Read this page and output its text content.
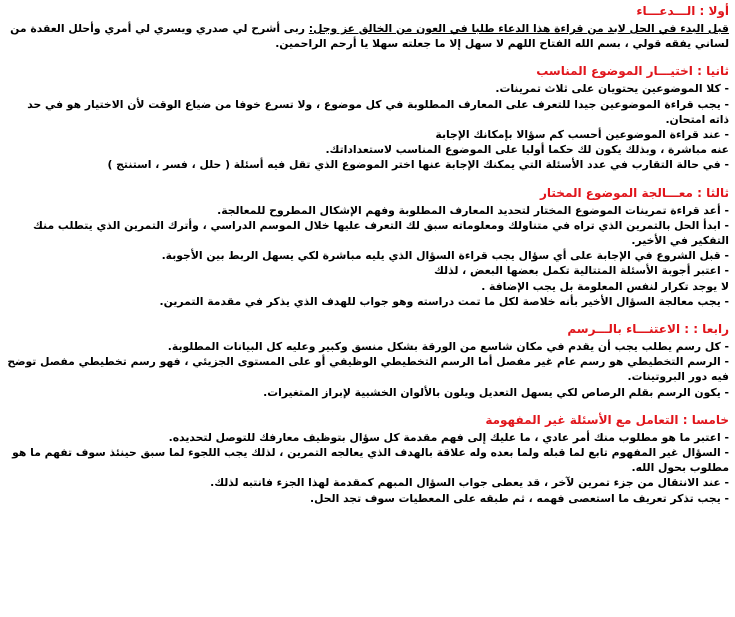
أولا : الـــدعـــاء

قبل البدء في الحل لابد من قراءة هذا الدعاء طلبا في العون من الخالق عز وجل: ربى أشرح لي صدري ويسري لي أمري وأحلل العقدة من لساني يفقه قولي ، بسم الله الفتاح اللهم لا سهل إلا ما جعلته سهلا يا أرحم الراحمين.

ثانيا : اختيـــار الموضوع المناسب

- كلا الموضوعين يحتويان على ثلاث تمرينات.

- يجب قراءة الموضوعين جيدا للتعرف على المعارف المطلوبة في كل موضوع ، ولا تسرع خوفا من ضياع الوقت لأن الاختيار هو في حد ذاته امتحان.

- عند قراءة الموضوعين أحسب كم سؤالا بإمكانك الإجابة

عنه مباشرة ، وبذلك يكون لك حكما أوليا على الموضوع المناسب لاستعداداتك.

- في حالة التقارب في عدد الأسئلة التي يمكنك الإجابة عنها اختر الموضوع الذي تقل فيه أسئلة ( حلل ، فسر ، استنتج )

ثالثا : معـــالجة الموضوع المختار

- أعد قراءة تمرينات الموضوع المختار لتحديد المعارف المطلوبة وفهم الإشكال المطروح للمعالجة.

- ابدأ الحل بالتمرين الذي تراه في متناولك ومعلوماته سبق لك التعرف عليها خلال الموسم الدراسي ، وأترك التمرين الذي يتطلب منك التفكير في الأخير.

- قبل الشروع في الإجابة على أي سؤال يجب قراءة السؤال الذي يليه مباشرة لكي يسهل الربط بين الأجوبة.

- اعتبر أجوبة الأسئلة المتتالية تكمل بعضها البعض ، لذلك

لا يوجد تكرار لنفس المعلومة بل يجب الإضافة .

- يجب معالجة السؤال الأخير بأنه خلاصة لكل ما تمت دراسته وهو جواب للهدف الذي يذكر في مقدمة التمرين.

رابعا : : الاعتنـــاء بالـــرسم

- كل رسم يطلب يجب أن يقدم في مكان شاسع من الورقة بشكل منسق وكبير وعليه كل البيانات المطلوبة.

- الرسم التخطيطي هو رسم عام غير مفصل أما الرسم التخطيطي الوظيفي أو على المستوى الجزيئي ، فهو رسم تخطيطي مفصل توضح فيه دور البروتينات.

- يكون الرسم بقلم الرصاص لكي يسهل التعديل ويلون بالألوان الخشبية لإبراز المتغيرات.

خامسا : التعامل مع الأسئلة غير المفهومة

- اعتبر ما هو مطلوب منك أمر عادي ، ما عليك إلى فهم مقدمة كل سؤال بتوظيف معارفك للتوصل لتحديده.

- السؤال غير المفهوم تابع لما قبله ولما بعده وله علاقة بالهدف الذي يعالجه التمرين ، لذلك يجب اللجوء لما سبق حينئذ سوف تفهم ما هو مطلوب بحول الله.

- عند الانتقال من جزء تمرين لآخر ، قد يعطى جواب السؤال المبهم كمقدمة لهذا الجزء فانتبه لذلك.

- يجب تذكر تعريف ما استعصى فهمه ، ثم طبقه على المعطيات سوف تجد الحل.
